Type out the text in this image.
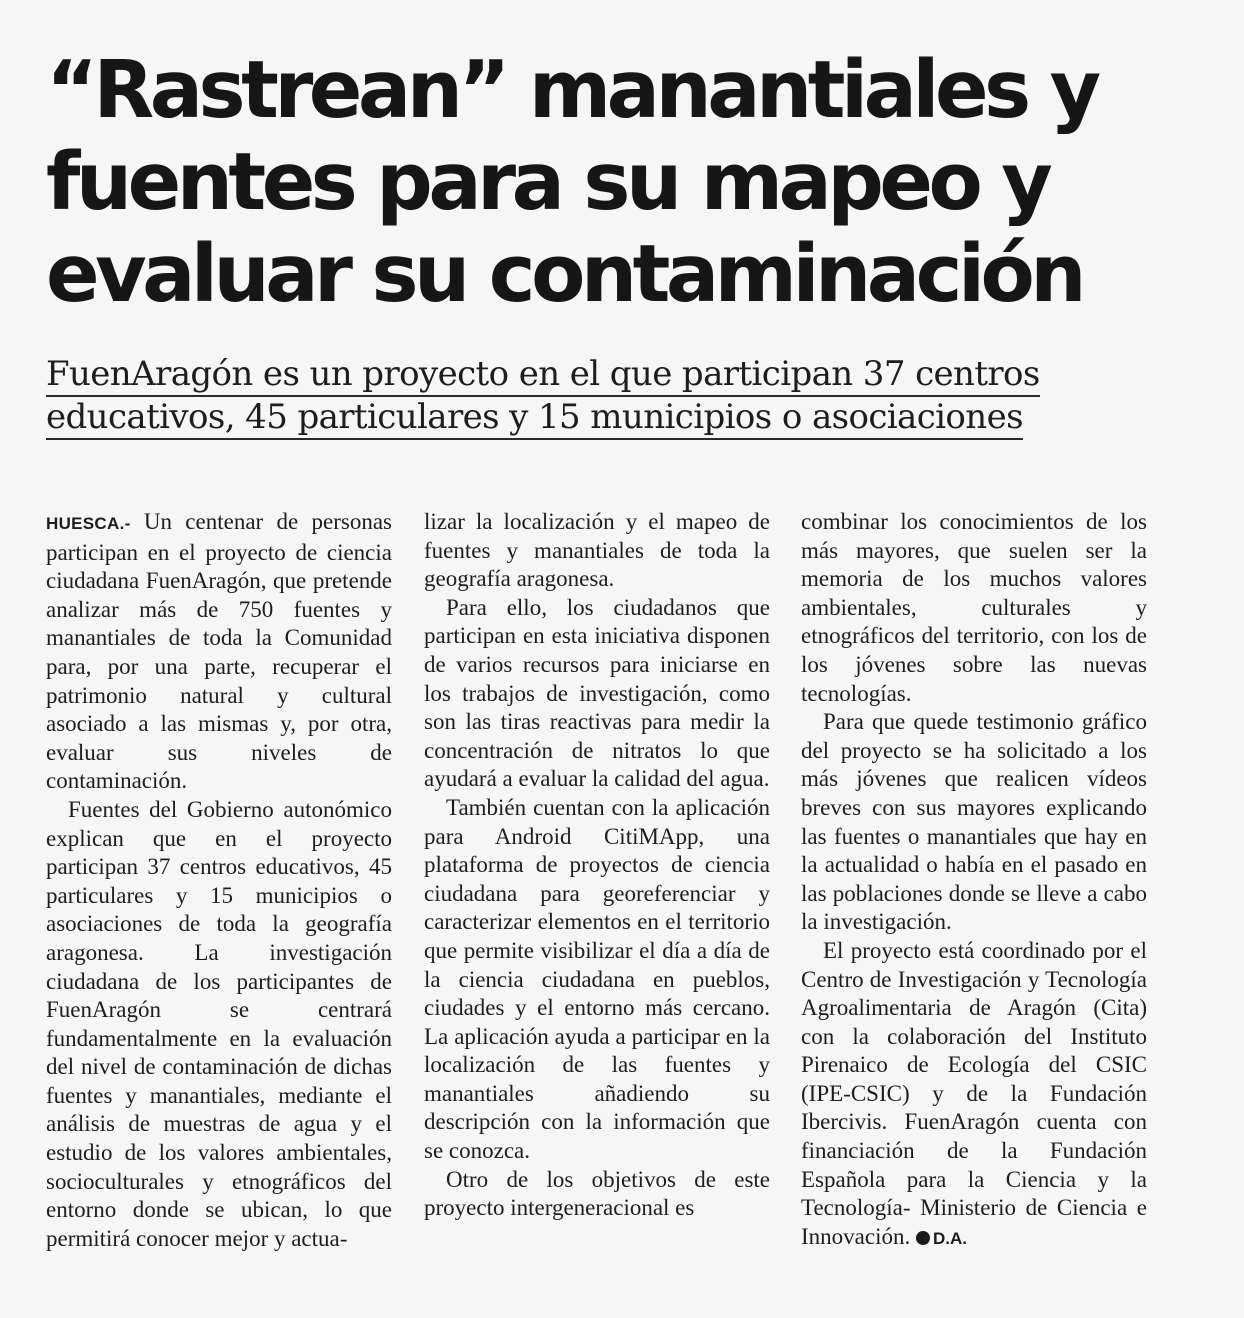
“Rastrean” manantiales y
fuentes para su mapeo y
evaluar su contaminación
FuenAragón es un proyecto en el que participan 37 centros
educativos, 45 particulares y 15 municipios o asociaciones

HUESCA.- Un centenar de personas participan en el proyecto de ciencia ciudadana FuenAragón, que pretende analizar más de 750 fuentes y manantiales de toda la Comunidad para, por una parte, recuperar el patrimonio natural y cultural asociado a las mismas y, por otra, evaluar sus niveles de contaminación.

Fuentes del Gobierno autonómico explican que en el proyecto participan 37 centros educativos, 45 particulares y 15 municipios o asociaciones de toda la geografía aragonesa. La investigación ciudadana de los participantes de FuenAragón se centrará fundamentalmente en la evaluación del nivel de contaminación de dichas fuentes y manantiales, mediante el análisis de muestras de agua y el estudio de los valores ambientales, socioculturales y etnográficos del entorno donde se ubican, lo que permitirá conocer mejor y actua-

lizar la localización y el mapeo de fuentes y manantiales de toda la geografía aragonesa.

Para ello, los ciudadanos que participan en esta iniciativa disponen de varios recursos para iniciarse en los trabajos de investigación, como son las tiras reactivas para medir la concentración de nitratos lo que ayudará a evaluar la calidad del agua.

También cuentan con la aplicación para Android CitiMApp, una plataforma de proyectos de ciencia ciudadana para georeferenciar y caracterizar elementos en el territorio que permite visibilizar el día a día de la ciencia ciudadana en pueblos, ciudades y el entorno más cercano. La aplicación ayuda a participar en la localización de las fuentes y manantiales añadiendo su descripción con la información que se conozca.

Otro de los objetivos de este proyecto intergeneracional es

combinar los conocimientos de los más mayores, que suelen ser la memoria de los muchos valores ambientales, culturales y etnográficos del territorio, con los de los jóvenes sobre las nuevas tecnologías.

Para que quede testimonio gráfico del proyecto se ha solicitado a los más jóvenes que realicen vídeos breves con sus mayores explicando las fuentes o manantiales que hay en la actualidad o había en el pasado en las poblaciones donde se lleve a cabo la investigación.

El proyecto está coordinado por el Centro de Investigación y Tecnología Agroalimentaria de Aragón (Cita) con la colaboración del Instituto Pirenaico de Ecología del CSIC (IPE-CSIC) y de la Fundación Ibercivis. FuenAragón cuenta con financiación de la Fundación Española para la Ciencia y la Tecnología- Ministerio de Ciencia e Innovación. D.A.
